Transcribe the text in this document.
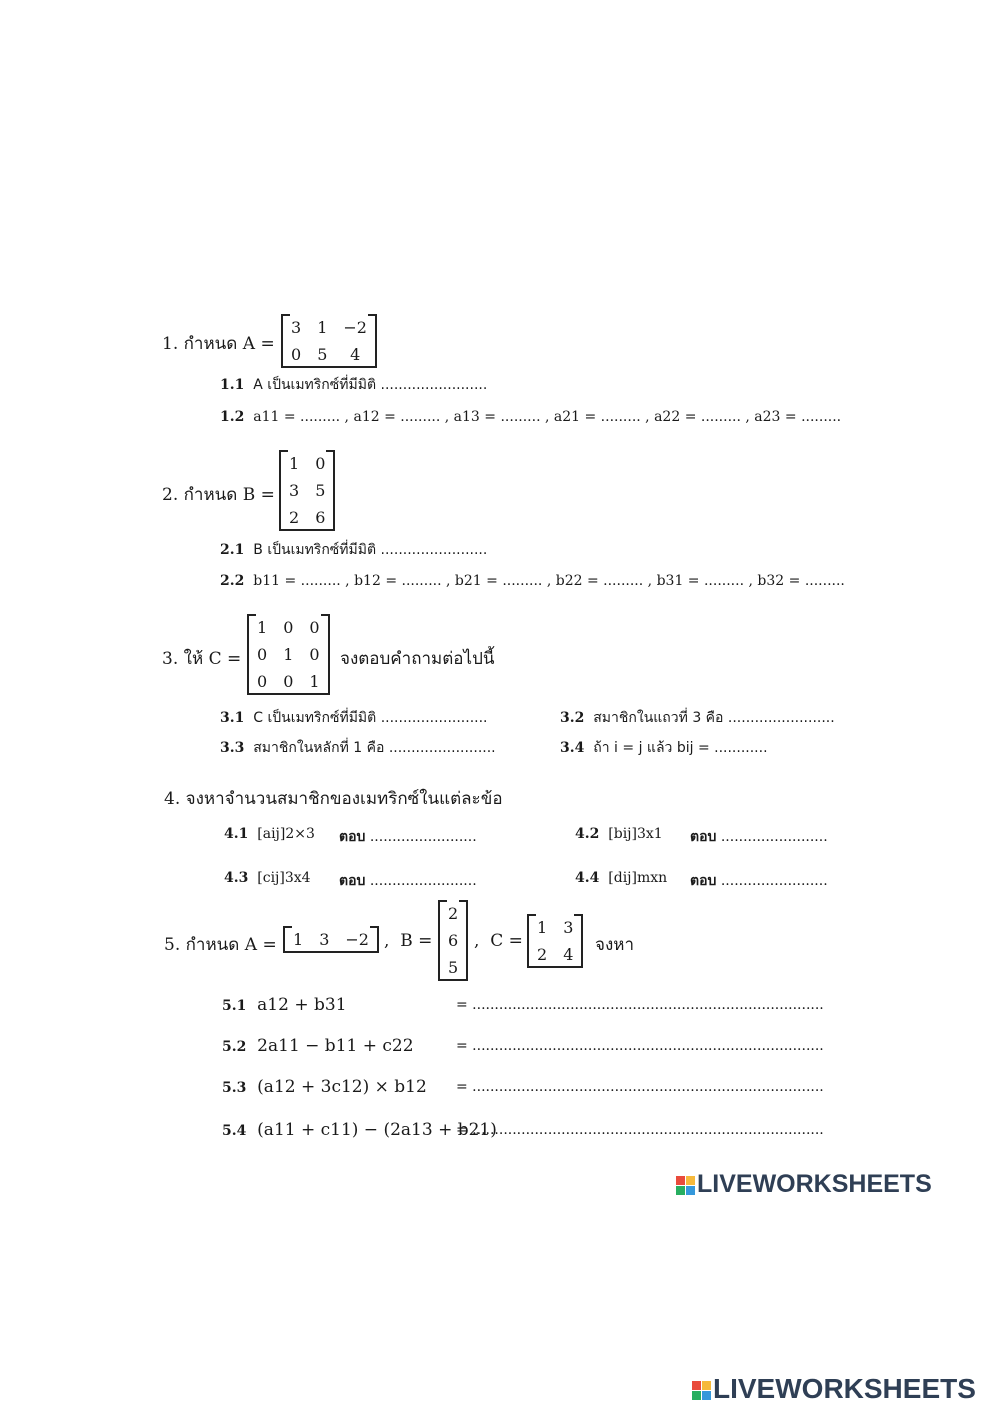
1. กำหนด A =
3	1	−2
0	5	4
1.1 A เป็นเมทริกซ์ที่มีมิติ ........................
1.2 a11 = ......... , a12 = ......... , a13 = ......... , a21 = ......... , a22 = ......... , a23 = .........
2. กำหนด B =
1	0
3	5
2	6
2.1 B เป็นเมทริกซ์ที่มีมิติ ........................
2.2 b11 = ......... , b12 = ......... , b21 = ......... , b22 = ......... , b31 = ......... , b32 = .........
3. ให้ C =
1	0	0
0	1	0
0	0	1
จงตอบคำถามต่อไปนี้
3.1 C เป็นเมทริกซ์ที่มีมิติ ........................	3.2 สมาชิกในแถวที่ 3 คือ ........................
3.3 สมาชิกในหลักที่ 1 คือ ........................	3.4 ถ้า i = j แล้ว bij = ............
4. จงหาจำนวนสมาชิกของเมทริกซ์ในแต่ละข้อ
4.1 [aij]2×3 ตอบ ........................	4.2 [bij]3x1 ตอบ ........................
4.3 [cij]3x4 ตอบ ........................	4.4 [dij]mxn ตอบ ........................
5. กำหนด A = 1	3	−2 ,  B =
2
6
5
,  C =
1	3
2	4 จงหา
5.1 a12 + b31	= ...............................................................................
5.2 2a11 − b11 + c22	= ...............................................................................
5.3 (a12 + 3c12) × b12 = ...............................................................................
5.4 (a11 + c11) − (2a13 + b21)
= ...............................................................................
LIVEWORKSHEETS
LIVEWORKSHEETS
